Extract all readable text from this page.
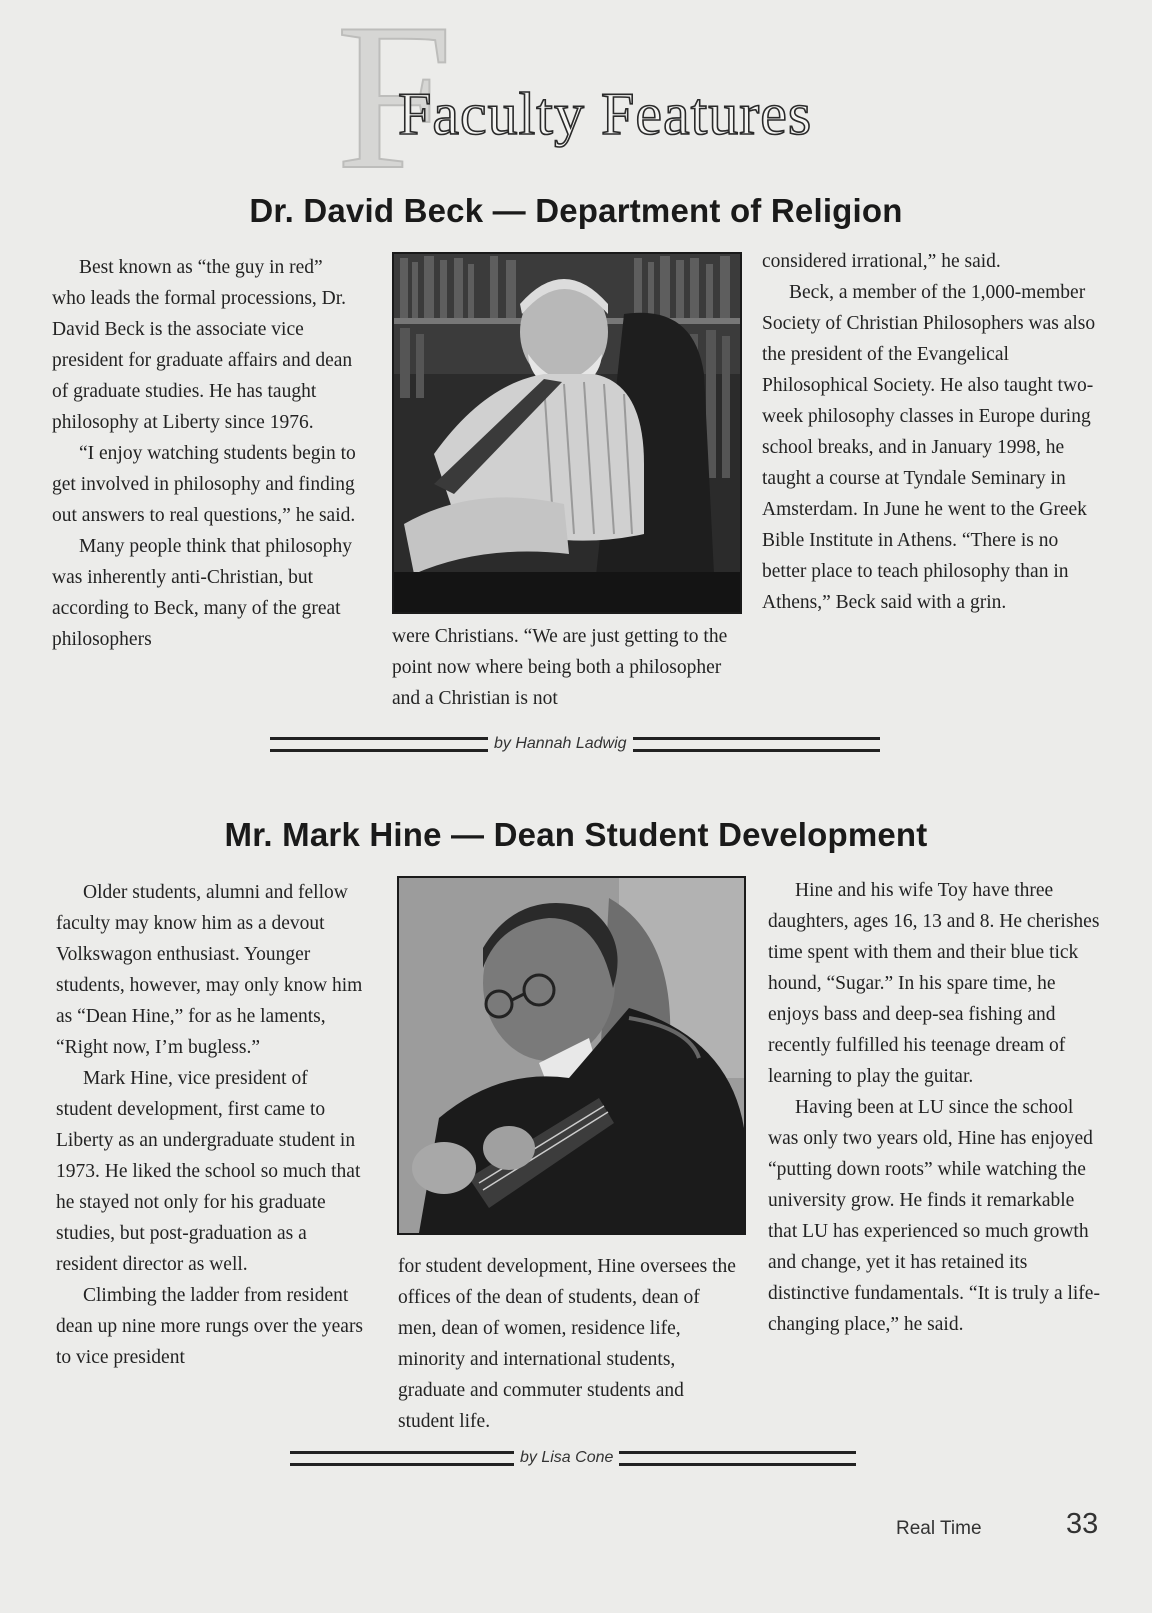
F
Faculty Features
Dr. David Beck — Department of Religion

Best known as “the guy in red” who leads the formal processions, Dr. David Beck is the associate vice president for graduate affairs and dean of graduate studies. He has taught philosophy at Liberty since 1976.

“I enjoy watching students begin to get involved in philosophy and finding out answers to real questions,” he said.

Many people think that philosophy was inherently anti-Christian, but according to Beck, many of the great philosophers	were Christians. “We are just getting to the point now where being both a philosopher and a Christian is not

considered irrational,” he said.

Beck, a member of the 1,000-member Society of Christian Philosophers was also the president of the Evangelical Philosophical Society. He also taught two-week philosophy classes in Europe during school breaks, and in January 1998, he taught a course at Tyndale Seminary in Amsterdam. In June he went to the Greek Bible Institute in Athens. “There is no better place to teach philosophy than in Athens,” Beck said with a grin.

by Hannah Ladwig
Mr. Mark Hine — Dean Student Development

Older students, alumni and fellow faculty may know him as a devout Volkswagon enthusiast. Younger students, however, may only know him as “Dean Hine,” for as he laments, “Right now, I’m bugless.”

Mark Hine, vice president of student development, first came to Liberty as an undergraduate student in 1973. He liked the school so much that he stayed not only for his graduate studies, but post-graduation as a resident director as well.

Climbing the ladder from resident dean up nine more rungs over the years to vice president

for student development, Hine oversees the offices of the dean of students, dean of men, dean of women, residence life, minority and international students, graduate and commuter students and student life.

Hine and his wife Toy have three daughters, ages 16, 13 and 8. He cherishes time spent with them and their blue tick hound, “Sugar.” In his spare time, he enjoys bass and deep-sea fishing and recently fulfilled his teenage dream of learning to play the guitar.

Having been at LU since the school was only two years old, Hine has enjoyed “putting down roots” while watching the university grow. He finds it remarkable that LU has experienced so much growth and change, yet it has retained its distinctive fundamentals. “It is truly a life-changing place,” he said.

by Lisa Cone
Real Time	33
